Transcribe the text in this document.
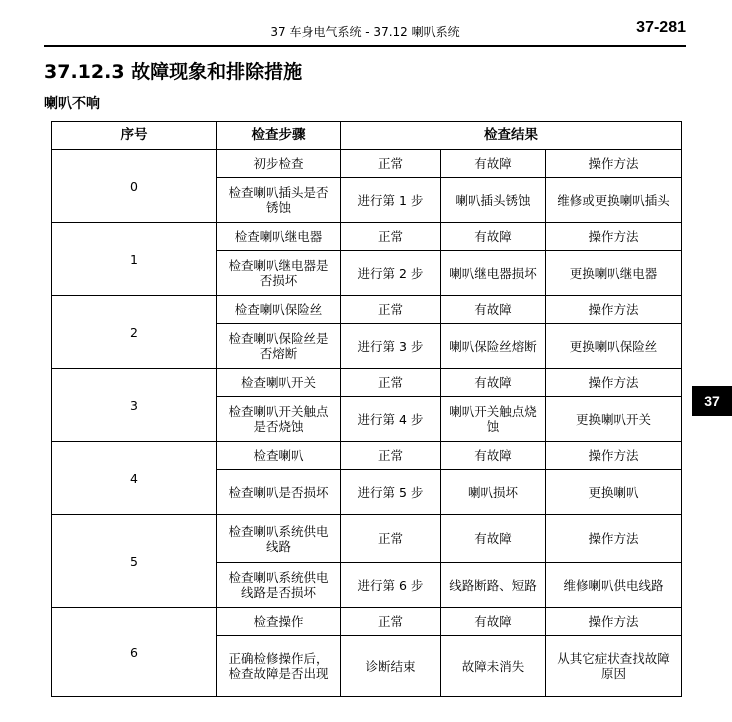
37 车身电气系统 - 37.12 喇叭系统	37-281
37.12.3 故障现象和排除措施
喇叭不响
37
序号	检查步骤	检查结果		
0	初步检查	正常	有故障	操作方法
	检查喇叭插头是否锈蚀	进行第 1 步	喇叭插头锈蚀	维修或更换喇叭插头
1	检查喇叭继电器	正常	有故障	操作方法
	检查喇叭继电器是否损坏	进行第 2 步	喇叭继电器损坏	更换喇叭继电器
2	检查喇叭保险丝	正常	有故障	操作方法
	检查喇叭保险丝是否熔断	进行第 3 步	喇叭保险丝熔断	更换喇叭保险丝
3	检查喇叭开关	正常	有故障	操作方法
	检查喇叭开关触点是否烧蚀	进行第 4 步	喇叭开关触点烧蚀	更换喇叭开关
4	检查喇叭	正常	有故障	操作方法
	检查喇叭是否损坏	进行第 5 步	喇叭损坏	更换喇叭
5	检查喇叭系统供电线路	正常	有故障	操作方法
	检查喇叭系统供电线路是否损坏	进行第 6 步	线路断路、短路	维修喇叭供电线路
6	检查操作	正常	有故障	操作方法
	正确检修操作后，检查故障是否出现	诊断结束	故障未消失	从其它症状查找故障原因
